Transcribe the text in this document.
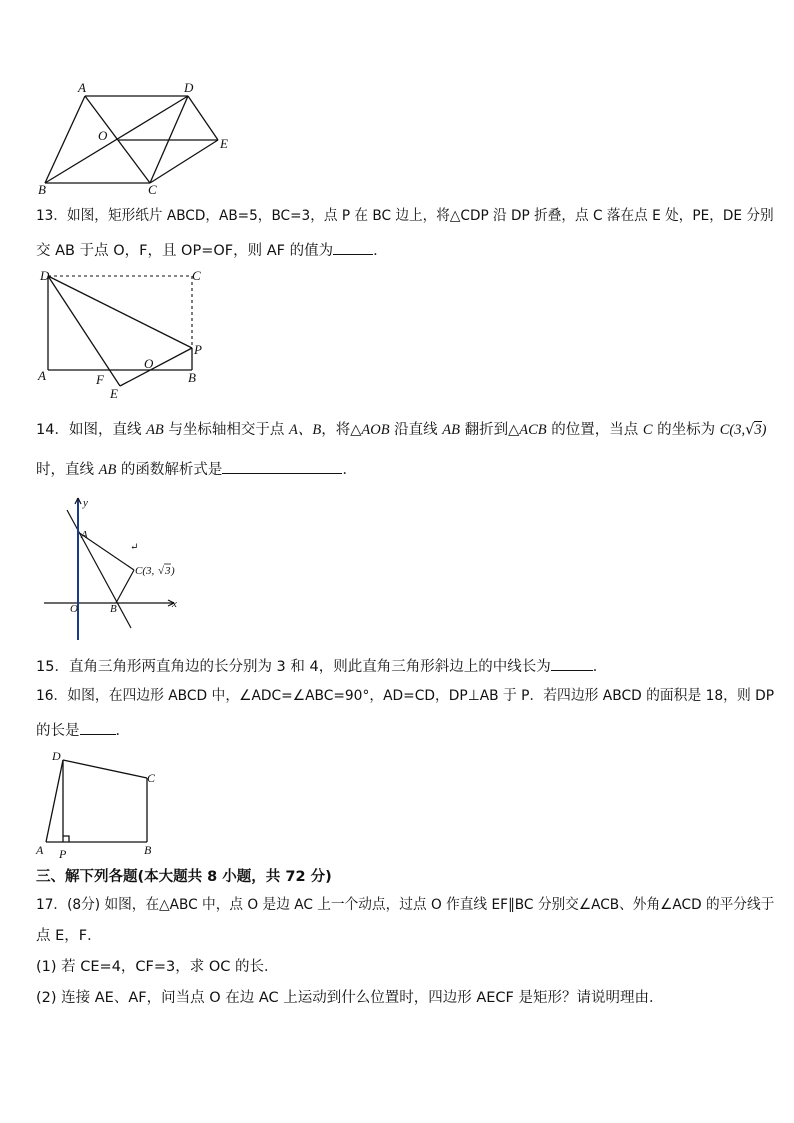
A	D
O
E
B	C
13．如图，矩形纸片 ABCD，AB=5，BC=3，点 P 在 BC 边上，将△CDP 沿 DP 折叠，点 C 落在点 E 处，PE，DE 分别
交 AB 于点 O，F，且 OP=OF，则 AF 的值为	．
D	C
P
O
A	F
E
B
14．如图，直线 AB 与坐标轴相交于点 A、B，将△AOB 沿直线 AB 翻折到△ACB 的位置，当点 C 的坐标为 C(3,√3)
时，直线 AB 的函数解析式是	．
y
x
A
O	B
↵
C(3, √ 3 )
15．直角三角形两直角边的长分别为 3 和 4，则此直角三角形斜边上的中线长为	．
16．如图，在四边形 ABCD 中，∠ADC=∠ABC=90°，AD=CD，DP⊥AB 于 P．若四边形 ABCD 的面积是 18，则 DP
的长是 ．
D
C
A P	B
三、解下列各题(本大题共 8 小题，共 72 分)
17．(8分) 如图，在△ABC 中，点 O 是边 AC 上一个动点，过点 O 作直线 EF∥BC 分别交∠ACB、外角∠ACD 的平分线于
点 E，F．
(1) 若 CE=4，CF=3，求 OC 的长．
(2) 连接 AE、AF，问当点 O 在边 AC 上运动到什么位置时，四边形 AECF 是矩形？请说明理由．
